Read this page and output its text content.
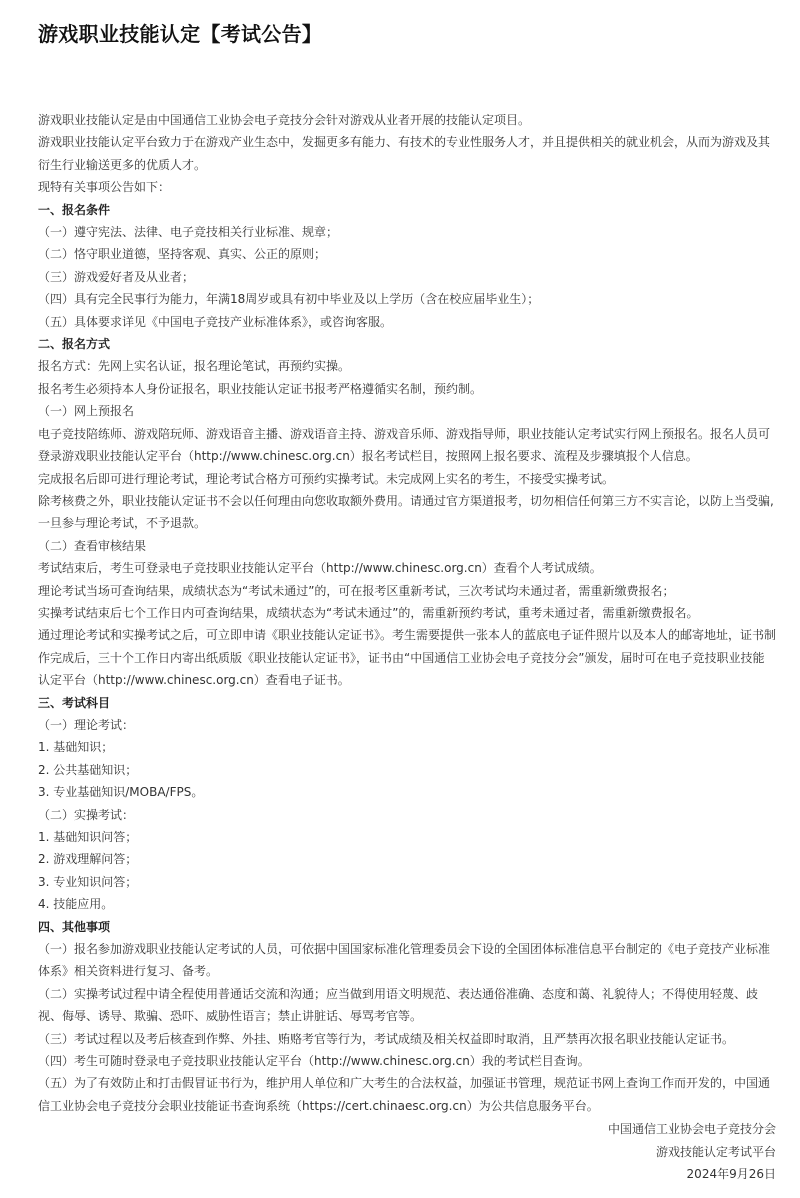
游戏职业技能认定【考试公告】
游戏职业技能认定是由中国通信工业协会电子竞技分会针对游戏从业者开展的技能认定项目。
游戏职业技能认定平台致力于在游戏产业生态中，发掘更多有能力、有技术的专业性服务人才，并且提供相关的就业机会，从而为游戏及其衍生行业输送更多的优质人才。
现特有关事项公告如下：
一、报名条件
（一）遵守宪法、法律、电子竞技相关行业标准、规章；
（二）恪守职业道德，坚持客观、真实、公正的原则；
（三）游戏爱好者及从业者；
（四）具有完全民事行为能力，年满18周岁或具有初中毕业及以上学历（含在校应届毕业生）；
（五）具体要求详见《中国电子竞技产业标准体系》，或咨询客服。
二、报名方式
报名方式：先网上实名认证，报名理论笔试，再预约实操。
报名考生必须持本人身份证报名，职业技能认定证书报考严格遵循实名制，预约制。
（一）网上预报名
电子竞技陪练师、游戏陪玩师、游戏语音主播、游戏语音主持、游戏音乐师、游戏指导师，职业技能认定考试实行网上预报名。报名人员可登录游戏职业技能认定平台（http://www.chinesc.org.cn）报名考试栏目，按照网上报名要求、流程及步骤填报个人信息。
完成报名后即可进行理论考试，理论考试合格方可预约实操考试。未完成网上实名的考生，不接受实操考试。
除考核费之外，职业技能认定证书不会以任何理由向您收取额外费用。请通过官方渠道报考，切勿相信任何第三方不实言论，以防上当受骗,一旦参与理论考试，不予退款。
（二）查看审核结果
考试结束后，考生可登录电子竞技职业技能认定平台（http://www.chinesc.org.cn）查看个人考试成绩。
理论考试当场可查询结果，成绩状态为“考试未通过”的，可在报考区重新考试，三次考试均未通过者，需重新缴费报名；
实操考试结束后七个工作日内可查询结果，成绩状态为“考试未通过”的，需重新预约考试，重考未通过者，需重新缴费报名。
通过理论考试和实操考试之后，可立即申请《职业技能认定证书》。考生需要提供一张本人的蓝底电子证件照片以及本人的邮寄地址，证书制作完成后，三十个工作日内寄出纸质版《职业技能认定证书》，证书由“中国通信工业协会电子竞技分会”颁发，届时可在电子竞技职业技能认定平台（http://www.chinesc.org.cn）查看电子证书。
三、考试科目
（一）理论考试：
1. 基础知识；
2. 公共基础知识；
3. 专业基础知识/MOBA/FPS。
（二）实操考试：
1. 基础知识问答；
2. 游戏理解问答；
3. 专业知识问答；
4. 技能应用。
四、其他事项
（一）报名参加游戏职业技能认定考试的人员，可依据中国国家标准化管理委员会下设的全国团体标准信息平台制定的《电子竞技产业标准体系》相关资料进行复习、备考。
（二）实操考试过程中请全程使用普通话交流和沟通；应当做到用语文明规范、表达通俗准确、态度和蔼、礼貌待人；不得使用轻蔑、歧视、侮辱、诱导、欺骗、恐吓、威胁性语言；禁止讲脏话、辱骂考官等。
（三）考试过程以及考后核查到作弊、外挂、贿赂考官等行为，考试成绩及相关权益即时取消，且严禁再次报名职业技能认定证书。
（四）考生可随时登录电子竞技职业技能认定平台（http://www.chinesc.org.cn）我的考试栏目查询。
（五）为了有效防止和打击假冒证书行为，维护用人单位和广大考生的合法权益，加强证书管理，规范证书网上查询工作而开发的，中国通信工业协会电子竞技分会职业技能证书查询系统（https://cert.chinaesc.org.cn）为公共信息服务平台。
中国通信工业协会电子竞技分会
游戏技能认定考试平台
2024年9月26日
